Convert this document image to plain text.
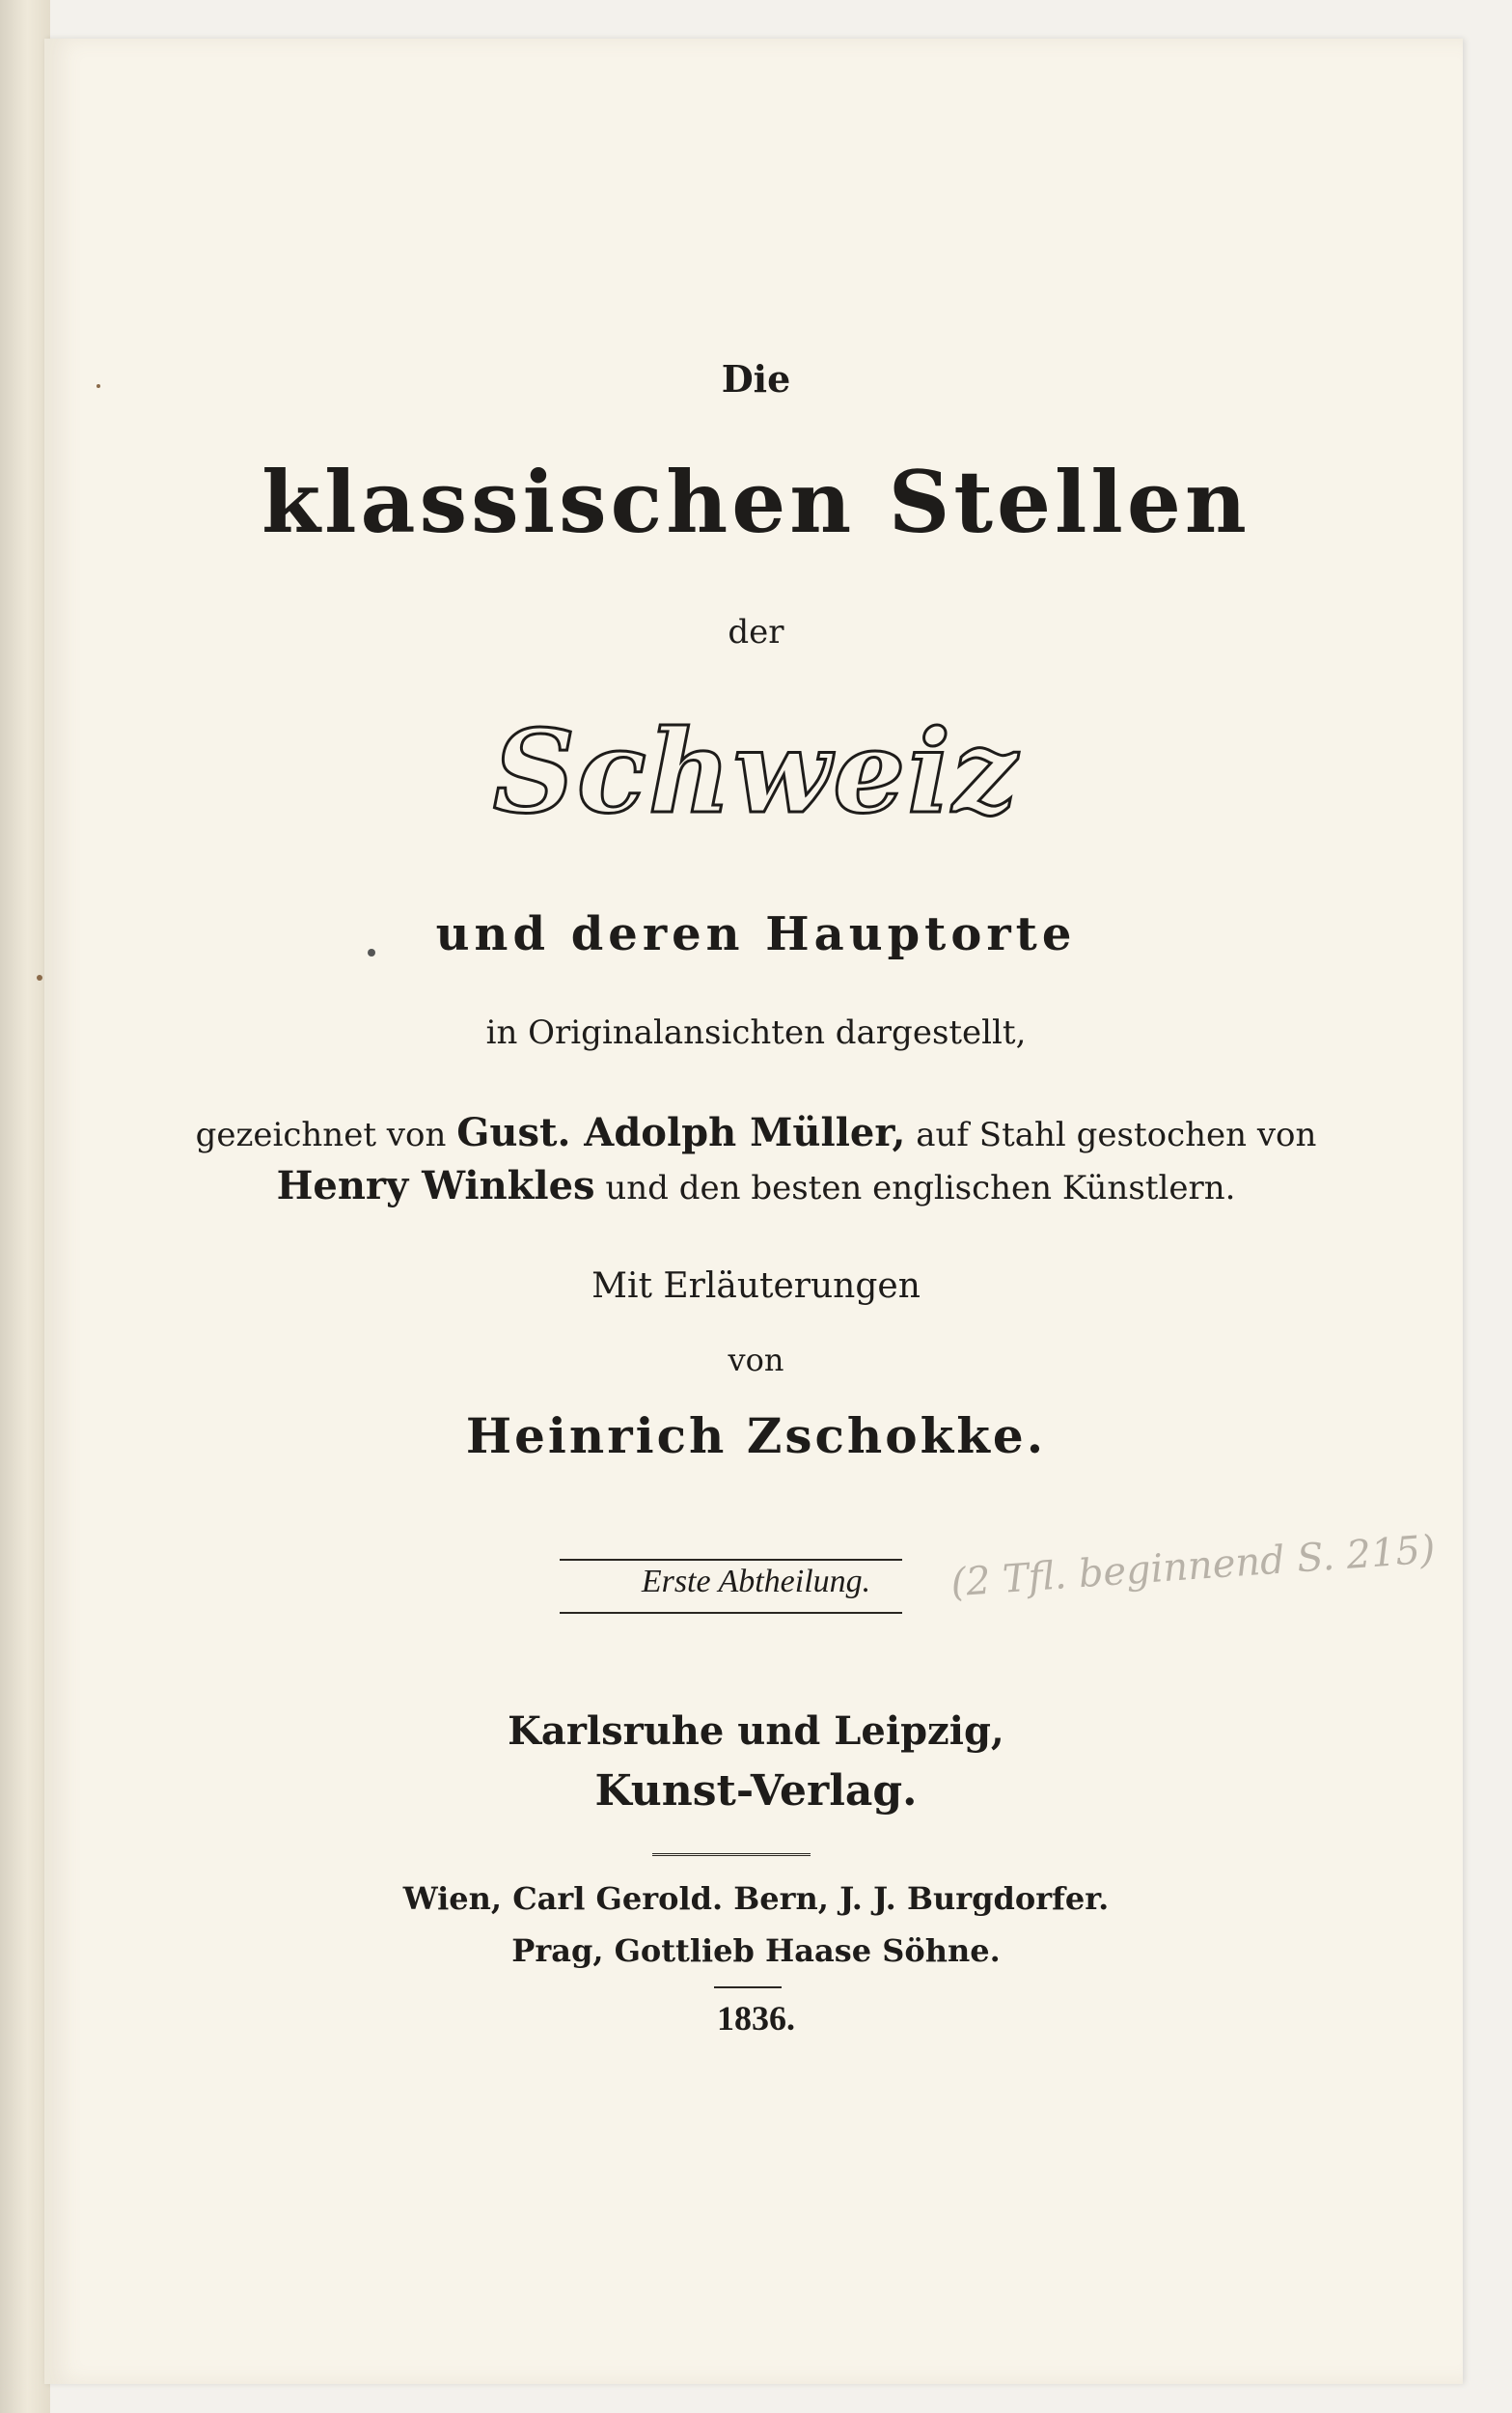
Die
klassischen Stellen
der
Schweiz
und deren Hauptorte
in Originalansichten dargestellt,
gezeichnet von Gust. Adolph Müller, auf Stahl gestochen von
Henry Winkles und den besten englischen Künstlern.
Mit Erläuterungen
von
Heinrich Zschokke.
Erste Abtheilung.	(2 Tfl. beginnend S. 215)
Karlsruhe und Leipzig,
Kunst-Verlag.
Wien, Carl Gerold. Bern, J. J. Burgdorfer.
Prag, Gottlieb Haase Söhne.
1836.
